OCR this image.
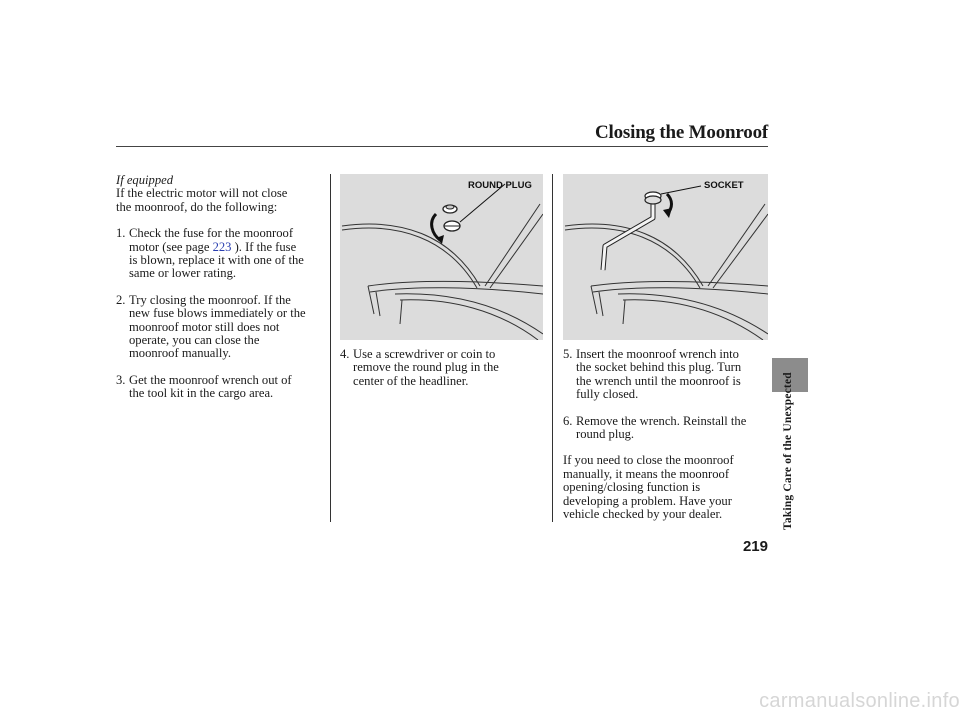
Closing the Moonroof

If equipped

If the electric motor will not close

the moonroof, do the following:

1. Check the fuse for the moonroof

motor (see page 223 ). If the fuse

is blown, replace it with one of the

same or lower rating.

2. Try closing the moonroof. If the

new fuse blows immediately or the

moonroof motor still does not

operate, you can close the

moonroof manually.

3. Get the moonroof wrench out of

the tool kit in the cargo area.

ROUND PLUG
4. Use a screwdriver or coin to

remove the round plug in the

center of the headliner.

SOCKET
5. Insert the moonroof wrench into

the socket behind this plug. Turn

the wrench until the moonroof is

fully closed.

6. Remove the wrench. Reinstall the

round plug.

If you need to close the moonroof

manually, it means the moonroof

opening/closing function is

developing a problem. Have your

vehicle checked by your dealer.	Taking Care of the Unexpected
219
carmanualsonline.info
